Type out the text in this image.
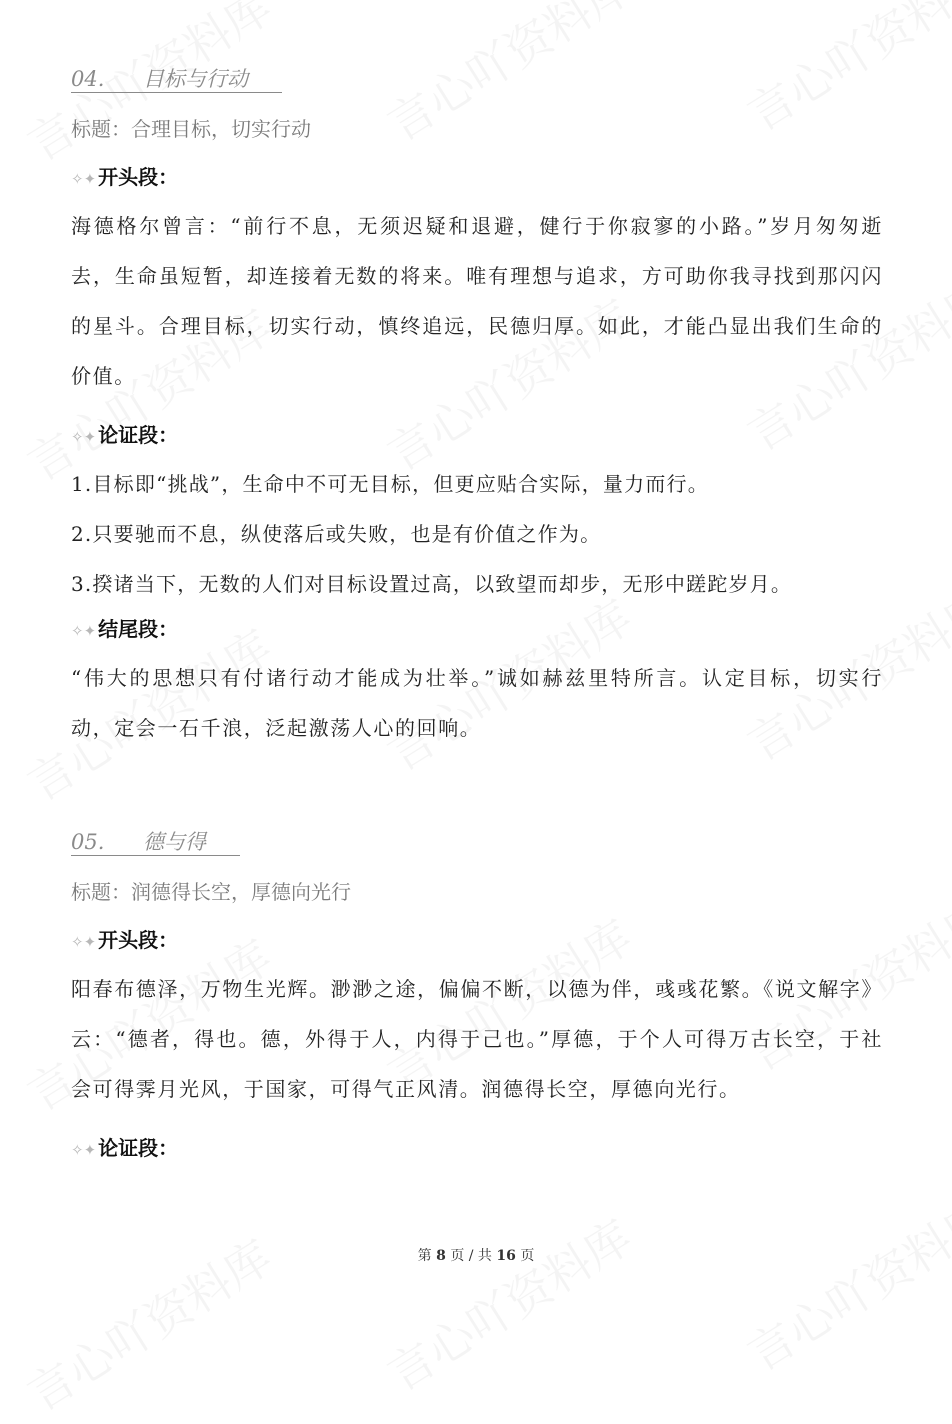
04. 目标与行动
标题：合理目标，切实行动
✧✦ 开头段：
海德格尔曾言：“前行不息，无须迟疑和退避，健行于你寂寥的小路。”岁月匆匆逝去，生命虽短暂，却连接着无数的将来。唯有理想与追求，方可助你我寻找到那闪闪的星斗。合理目标，切实行动，慎终追远，民德归厚。如此，才能凸显出我们生命的价值。
✧✦ 论证段：
1.目标即“挑战”，生命中不可无目标，但更应贴合实际，量力而行。
2.只要驰而不息，纵使落后或失败，也是有价值之作为。
3.揆诸当下，无数的人们对目标设置过高，以致望而却步，无形中蹉跎岁月。
✧✦ 结尾段：
“伟大的思想只有付诸行动才能成为壮举。”诚如赫兹里特所言。认定目标，切实行动，定会一石千浪，泛起激荡人心的回响。
05. 德与得
标题：润德得长空，厚德向光行
✧✦ 开头段：
阳春布德泽，万物生光辉。渺渺之途，偏偏不断，以德为伴，彧彧花繁。《说文解字》云：“德者，得也。德，外得于人，内得于己也。”厚德，于个人可得万古长空，于社会可得霁月光风，于国家，可得气正风清。润德得长空，厚德向光行。
✧✦ 论证段：
第 8 页 / 共 16 页
